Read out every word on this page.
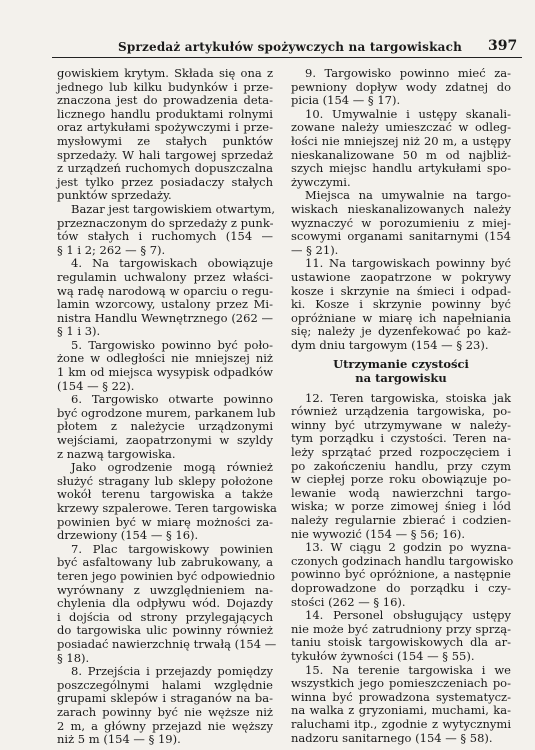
Sprzedaż artykułów spożywczych na targowiskach 397
gowiskiem krytym. Składa się ona z
jednego lub kilku budynków i prze-
znaczona jest do prowadzenia deta-
licznego handlu produktami rolnymi
oraz artykułami spożywczymi i prze-
mysłowymi ze stałych punktów
sprzedaży. W hali targowej sprzedaż
z urządzeń ruchomych dopuszczalna
jest tylko przez posiadaczy stałych
punktów sprzedaży.
Bazar jest targowiskiem otwartym,
przeznaczonym do sprzedaży z punk-
tów stałych i ruchomych (154 —
§ 1 i 2; 262 — § 7).
4. Na targowiskach obowiązuje
regulamin uchwalony przez właści-
wą radę narodową w oparciu o regu-
lamin wzorcowy, ustalony przez Mi-
nistra Handlu Wewnętrznego (262 —
§ 1 i 3).
5. Targowisko powinno być poło-
żone w odległości nie mniejszej niż
1 km od miejsca wysypisk odpadków
(154 — § 22).
6. Targowisko otwarte powinno
być ogrodzone murem, parkanem lub
płotem z należycie urządzonymi
wejściami, zaopatrzonymi w szyldy
z nazwą targowiska.
Jako ogrodzenie mogą również
służyć stragany lub sklepy położone
wokół terenu targowiska a także
krzewy szpalerowe. Teren targowiska
powinien być w miarę możności za-
drzewiony (154 — § 16).
7. Plac targowiskowy powinien
być asfaltowany lub zabrukowany, a
teren jego powinien być odpowiednio
wyrównany z uwzględnieniem na-
chylenia dla odpływu wód. Dojazdy
i dojścia od strony przylegających
do targowiska ulic powinny również
posiadać nawierzchnię trwałą (154 —
§ 18).
8. Przejścia i przejazdy pomiędzy
poszczególnymi halami względnie
grupami sklepów i straganów na ba-
zarach powinny być nie węższe niż
2 m, a główny przejazd nie węższy
niż 5 m (154 — § 19).
9. Targowisko powinno mieć za-
pewniony dopływ wody zdatnej do
picia (154 — § 17).
10. Umywalnie i ustępy skanali-
zowane należy umieszczać w odleg-
łości nie mniejszej niż 20 m, a ustępy
nieskanalizowane 50 m od najbliż-
szych miejsc handlu artykułami spo-
żywczymi.
Miejsca na umywalnie na targo-
wiskach nieskanalizowanych należy
wyznaczyć w porozumieniu z miej-
scowymi organami sanitarnymi (154
— § 21).
11. Na targowiskach powinny być
ustawione zaopatrzone w pokrywy
kosze i skrzynie na śmieci i odpad-
ki. Kosze i skrzynie powinny być
opróżniane w miarę ich napełniania
się; należy je dyzenfekować po każ-
dym dniu targowym (154 — § 23).
Utrzymanie czystości
na targowisku
12. Teren targowiska, stoiska jak
również urządzenia targowiska, po-
winny być utrzymywane w należy-
tym porządku i czystości. Teren na-
leży sprzątać przed rozpoczęciem i
po zakończeniu handlu, przy czym
w ciepłej porze roku obowiązuje po-
lewanie wodą nawierzchni targo-
wiska; w porze zimowej śnieg i lód
należy regularnie zbierać i codzien-
nie wywozić (154 — § 56; 16).
13. W ciągu 2 godzin po wyzna-
czonych godzinach handlu targowisko
powinno być opróżnione, a następnie
doprowadzone do porządku i czy-
stości (262 — § 16).
14. Personel obsługujący ustępy
nie może być zatrudniony przy sprzą-
taniu stoisk targowiskowych dla ar-
tykułów żywności (154 — § 55).
15. Na terenie targowiska i we
wszystkich jego pomieszczeniach po-
winna być prowadzona systematycz-
na walka z gryzoniami, muchami, ka-
raluchami itp., zgodnie z wytycznymi
nadzoru sanitarnego (154 — § 58).
